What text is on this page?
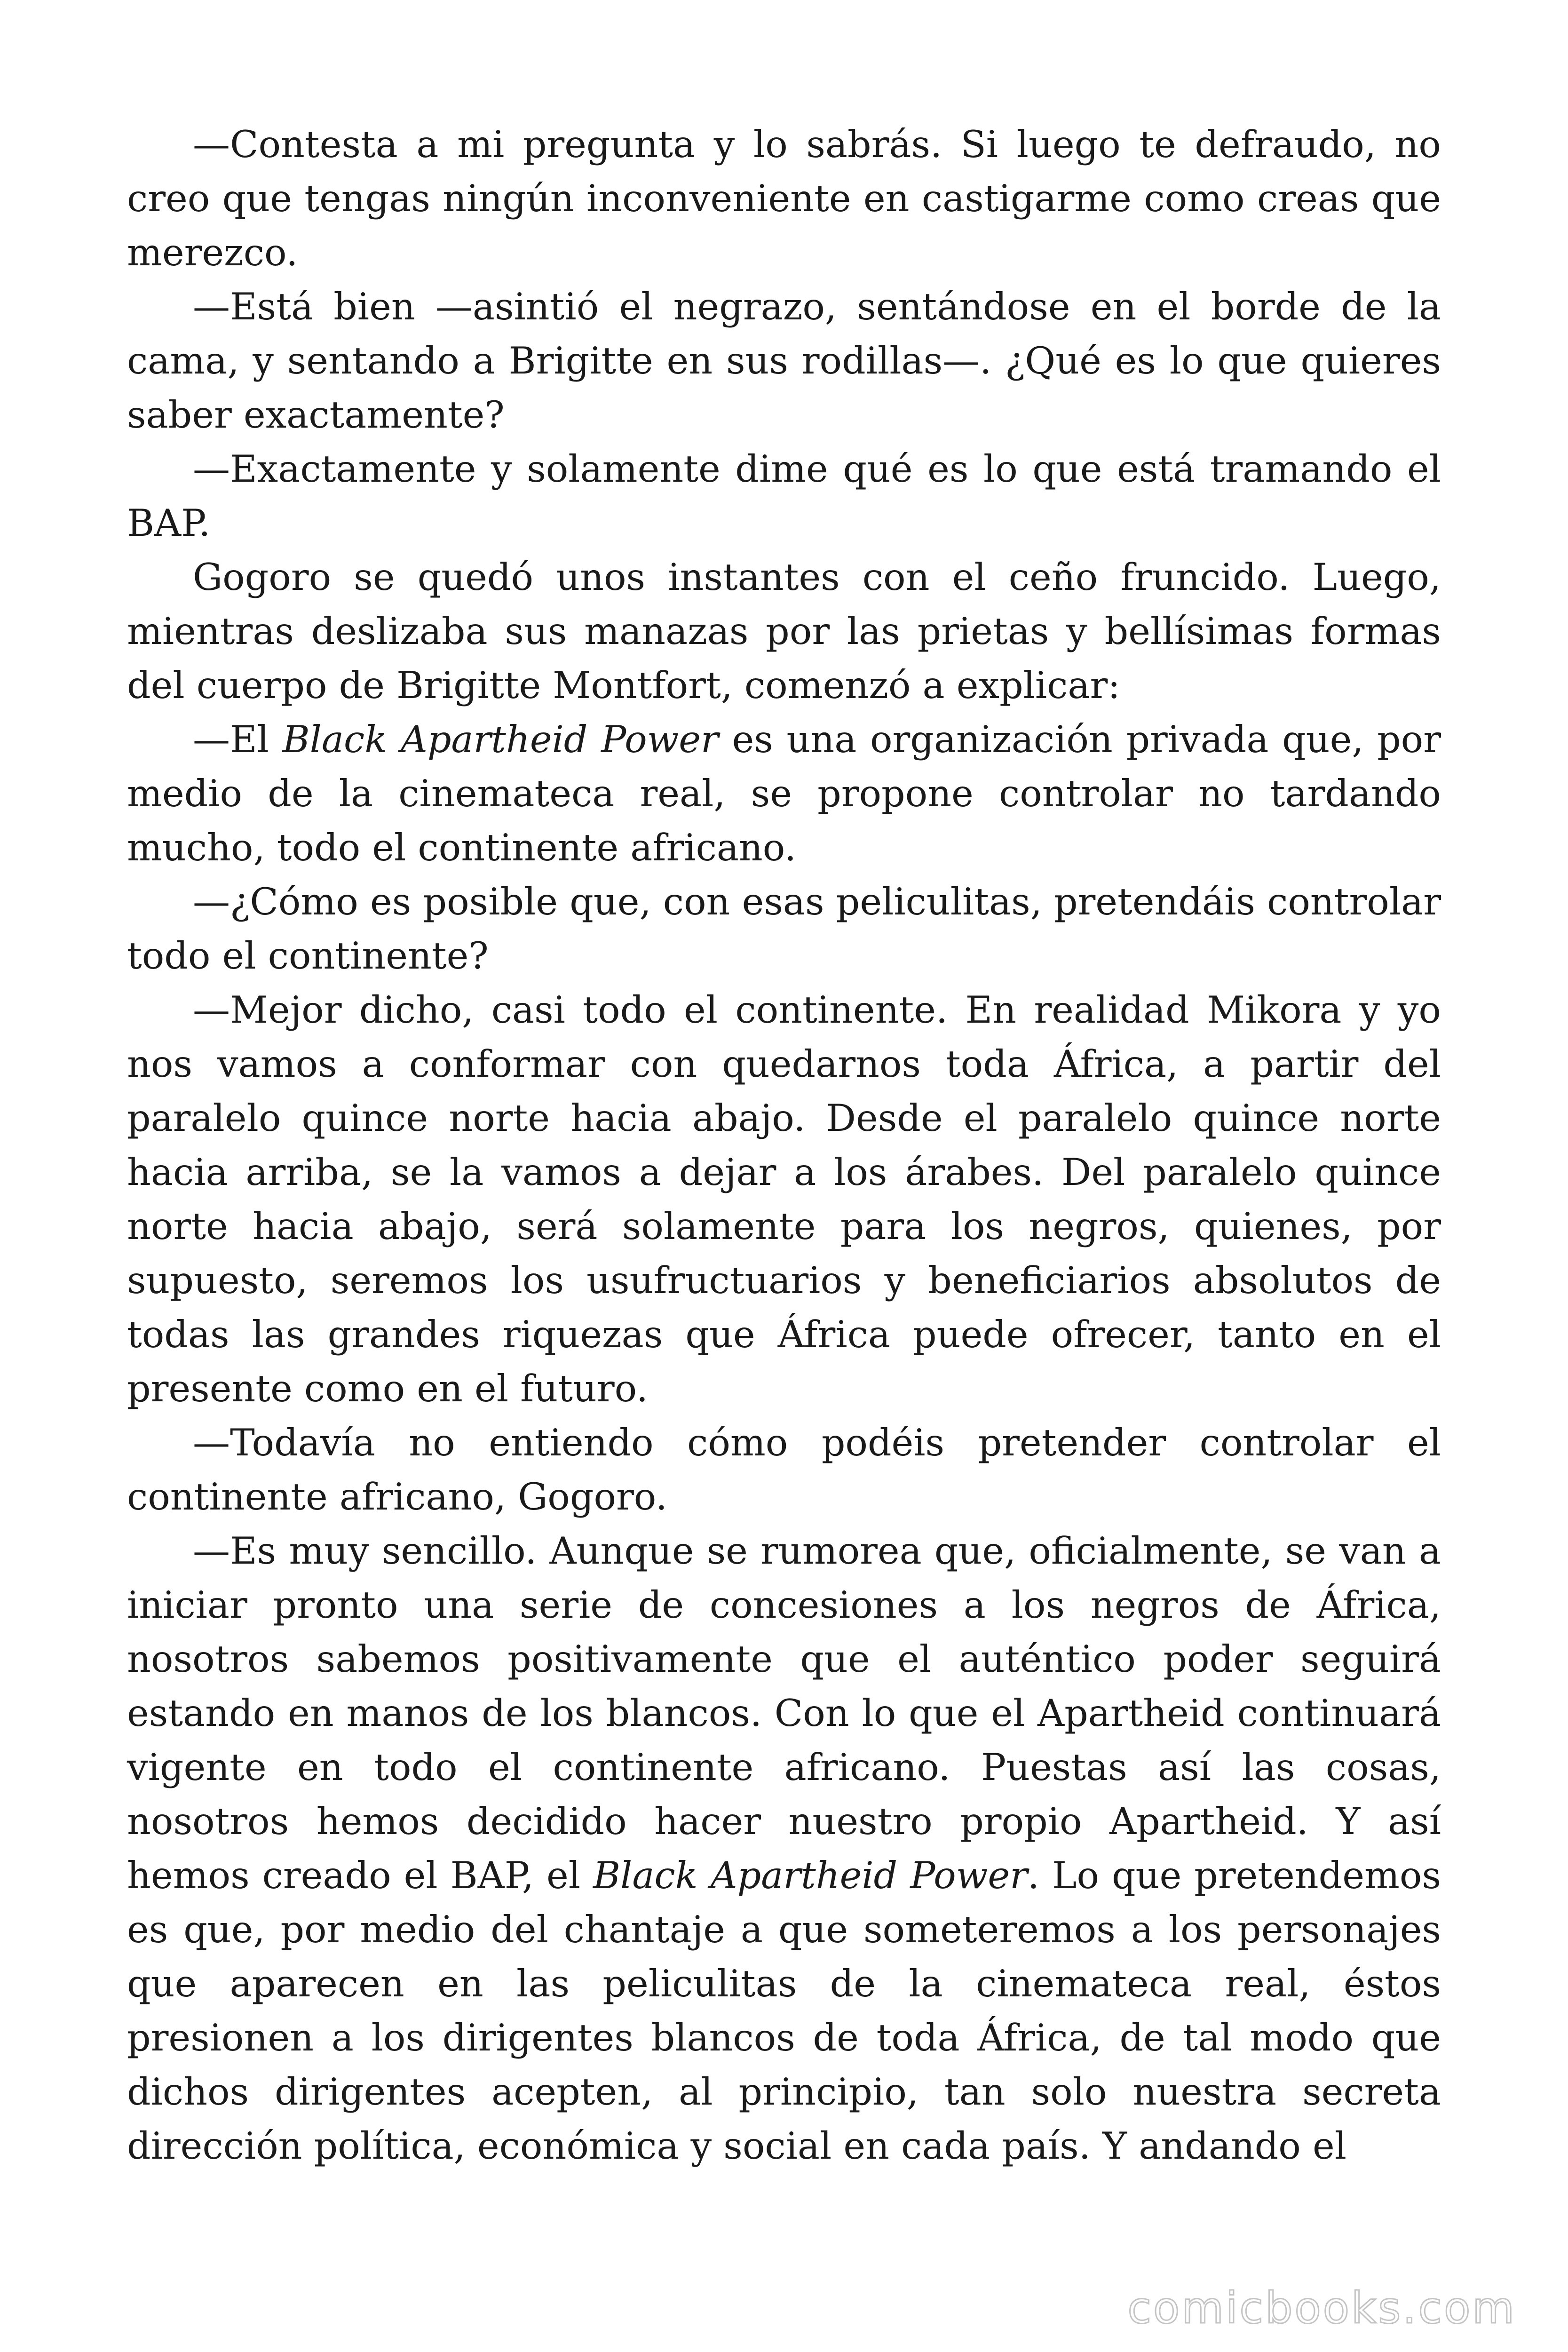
—Contesta a mi pregunta y lo sabrás. Si luego te defraudo, no creo que tengas ningún inconveniente en castigarme como creas que merezco.

—Está bien —asintió el negrazo, sentándose en el borde de la cama, y sentando a Brigitte en sus rodillas—. ¿Qué es lo que quieres saber exactamente?

—Exactamente y solamente dime qué es lo que está tramando el BAP.

Gogoro se quedó unos instantes con el ceño fruncido. Luego, mientras deslizaba sus manazas por las prietas y bellísimas formas del cuerpo de Brigitte Montfort, comenzó a explicar:

—El Black Apartheid Power es una organización privada que, por medio de la cinemateca real, se propone controlar no tardando mucho, todo el continente africano.

—¿Cómo es posible que, con esas peliculitas, pretendáis controlar todo el continente?

—Mejor dicho, casi todo el continente. En realidad Mikora y yo nos vamos a conformar con quedarnos toda África, a partir del paralelo quince norte hacia abajo. Desde el paralelo quince norte hacia arriba, se la vamos a dejar a los árabes. Del paralelo quince norte hacia abajo, será solamente para los negros, quienes, por supuesto, seremos los usufructuarios y beneficiarios absolutos de todas las grandes riquezas que África puede ofrecer, tanto en el presente como en el futuro.

—Todavía no entiendo cómo podéis pretender controlar el continente africano, Gogoro.

—Es muy sencillo. Aunque se rumorea que, oficialmente, se van a iniciar pronto una serie de concesiones a los negros de África, nosotros sabemos positivamente que el auténtico poder seguirá estando en manos de los blancos. Con lo que el Apartheid continuará vigente en todo el continente africano. Puestas así las cosas, nosotros hemos decidido hacer nuestro propio Apartheid. Y así hemos creado el BAP, el Black Apartheid Power. Lo que pretendemos es que, por medio del chantaje a que someteremos a los personajes que aparecen en las peliculitas de la cinemateca real, éstos presionen a los dirigentes blancos de toda África, de tal modo que dichos dirigentes acepten, al principio, tan solo nuestra secreta dirección política, económica y social en cada país. Y andando el

comicbooks.com
